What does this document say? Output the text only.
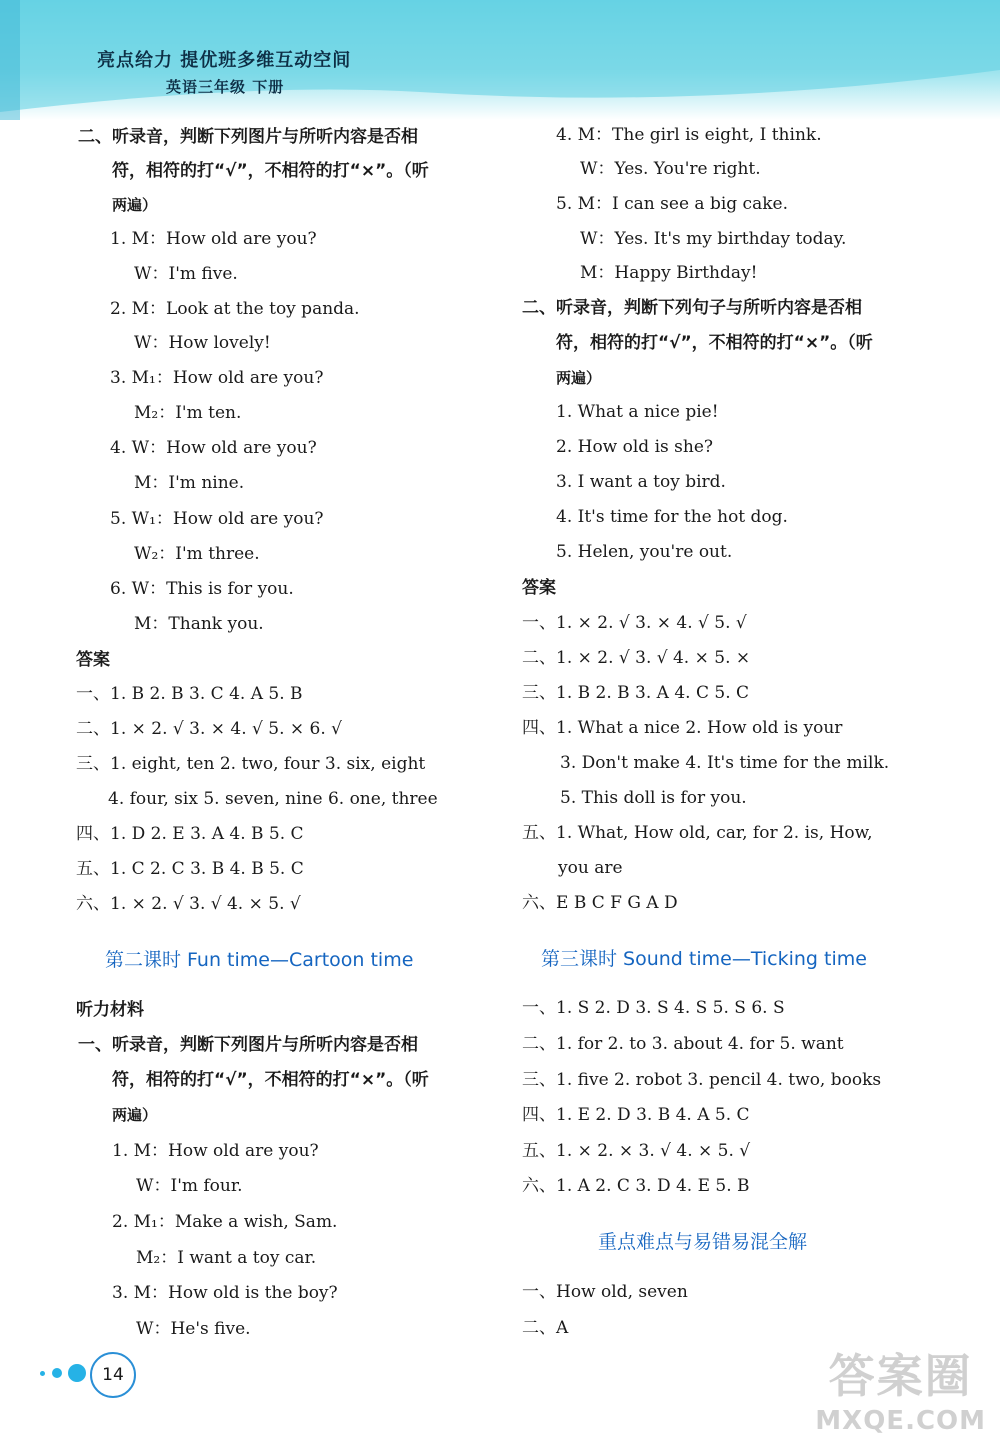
亮点给力 提优班多维互动空间
英语三年级 下册
二、听录音，判断下列图片与所听内容是否相
符，相符的打“√”，不相符的打“×”。（听
两遍）
1. M：How old are you?
W：I'm five.
2. M：Look at the toy panda.
W：How lovely!
3. M₁：How old are you?
M₂：I'm ten.
4. W：How old are you?
M：I'm nine.
5. W₁：How old are you?
W₂：I'm three.
6. W：This is for you.
M：Thank you.
答案
一、1. B 2. B 3. C 4. A 5. B
二、1. × 2. √ 3. × 4. √ 5. × 6. √
三、1. eight, ten 2. two, four 3. six, eight
4. four, six 5. seven, nine 6. one, three
四、1. D 2. E 3. A 4. B 5. C
五、1. C 2. C 3. B 4. B 5. C
六、1. × 2. √ 3. √ 4. × 5. √
第二课时 Fun time—Cartoon time
听力材料
一、听录音，判断下列图片与所听内容是否相
符，相符的打“√”，不相符的打“×”。（听
两遍）
1. M：How old are you?
W：I'm four.
2. M₁：Make a wish, Sam.
M₂：I want a toy car.
3. M：How old is the boy?
W：He's five.
4. M：The girl is eight, I think.
W：Yes. You're right.
5. M：I can see a big cake.
W：Yes. It's my birthday today.
M：Happy Birthday!
二、听录音，判断下列句子与所听内容是否相
符，相符的打“√”，不相符的打“×”。（听
两遍）
1. What a nice pie!
2. How old is she?
3. I want a toy bird.
4. It's time for the hot dog.
5. Helen, you're out.
答案
一、1. × 2. √ 3. × 4. √ 5. √
二、1. × 2. √ 3. √ 4. × 5. ×
三、1. B 2. B 3. A 4. C 5. C
四、1. What a nice 2. How old is your
3. Don't make 4. It's time for the milk.
5. This doll is for you.
五、1. What, How old, car, for 2. is, How,
you are
六、E B C F G A D
第三课时 Sound time—Ticking time
一、1. S 2. D 3. S 4. S 5. S 6. S
二、1. for 2. to 3. about 4. for 5. want
三、1. five 2. robot 3. pencil 4. two, books
四、1. E 2. D 3. B 4. A 5. C
五、1. × 2. × 3. √ 4. × 5. √
六、1. A 2. C 3. D 4. E 5. B
重点难点与易错易混全解
一、How old, seven
二、A
14	答案圈
MXQE.COM
